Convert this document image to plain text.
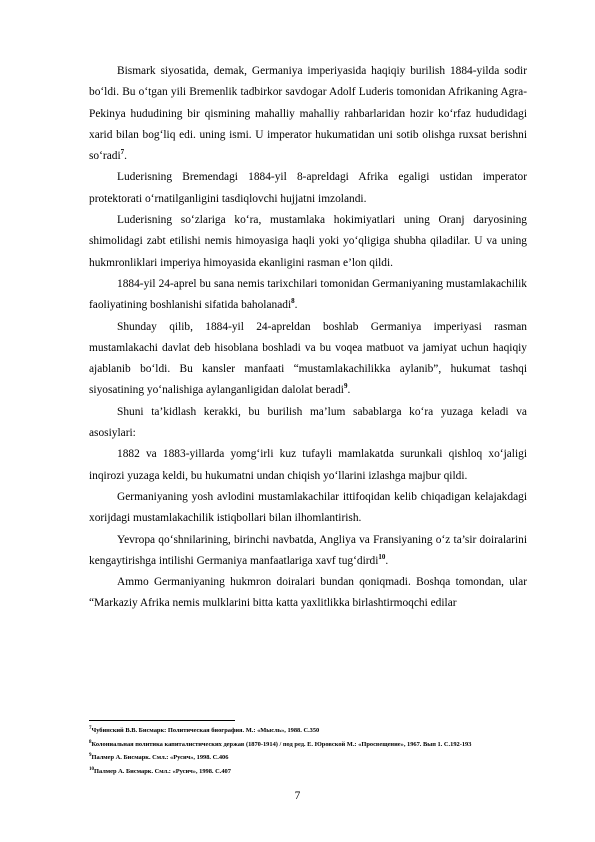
Bismark siyosatida, demak, Germaniya imperiyasida haqiqiy burilish 1884-yilda sodir bo‘ldi. Bu o‘tgan yili Bremenlik tadbirkor savdogar Adolf Luderis tomonidan Afrikaning Agra-Pekinya hududining bir qismining mahalliy mahalliy rahbarlaridan hozir ko‘rfaz hududidagi xarid bilan bog‘liq edi. uning ismi. U imperator hukumatidan uni sotib olishga ruxsat berishni so‘radi$^7$.

Luderisning Bremendagi 1884-yil 8-apreldagi Afrika egaligi ustidan imperator protektorati o‘rnatilganligini tasdiqlovchi hujjatni imzolandi.

Luderisning so‘zlariga ko‘ra, mustamlaka hokimiyatlari uning Oranj daryosining shimolidagi zabt etilishi nemis himoyasiga haqli yoki yo‘qligiga shubha qiladilar. U va uning hukmronliklari imperiya himoyasida ekanligini rasman e’lon qildi.

1884-yil 24-aprel bu sana nemis tarixchilari tomonidan Germaniyaning mustamlakachilik faoliyatining boshlanishi sifatida baholanadi$^8$.

Shunday qilib, 1884-yil 24-apreldan boshlab Germaniya imperiyasi rasman mustamlakachi davlat deb hisoblana boshladi va bu voqea matbuot va jamiyat uchun haqiqiy ajablanib bo‘ldi. Bu kansler manfaati “mustamlakachilikka aylanib”, hukumat tashqi siyosatining yo‘nalishiga aylanganligidan dalolat beradi$^9$.

Shuni ta’kidlash kerakki, bu burilish ma’lum sabablarga ko‘ra yuzaga keladi va asosiylari:

1882 va 1883-yillarda yomg‘irli kuz tufayli mamlakatda surunkali qishloq xo‘jaligi inqirozi yuzaga keldi, bu hukumatni undan chiqish yo‘llarini izlashga majbur qildi.

Germaniyaning yosh avlodini mustamlakachilar ittifoqidan kelib chiqadigan kelajakdagi xorijdagi mustamlakachilik istiqbollari bilan ilhomlantirish.

Yevropa qo‘shnilarining, birinchi navbatda, Angliya va Fransiyaning o‘z ta’sir doiralarini kengaytirishga intilishi Germaniya manfaatlariga xavf tug‘dirdi$^{10}$.

Ammo Germaniyaning hukmron doiralari bundan qoniqmadi. Boshqa tomondan, ular “Markaziy Afrika nemis mulklarini bitta katta yaxlitlikka birlashtirmoqchi edilar

$^7$Чубинский В.В. Бисмарк: Политическая биография. М.: «Мысль», 1988. С.350

$^8$Колониальная политика капиталистических держав (1870-1914) / под ред. Е. Юровской М.: «Просвещение», 1967. Вып 1. С.192-193

$^9$Палмер А. Бисмарк. Смл.: «Русич», 1998. С.406

$^{10}$Палмер А. Бисмарк. Смл.: «Русич», 1998. С.407

7
